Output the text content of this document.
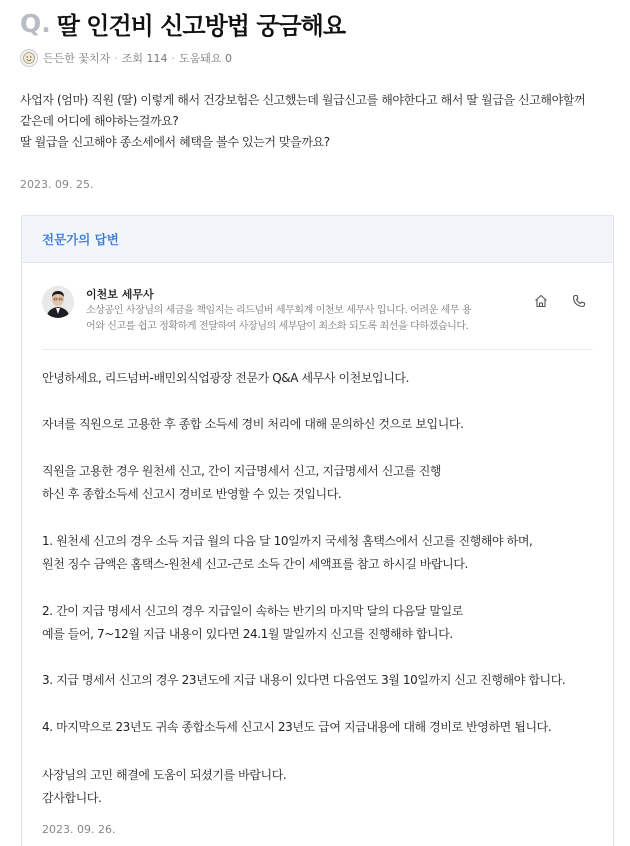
Q. 딸 인건비 신고방법 궁금해요
든든한 꽃치자 · 조회 114 · 도움돼요 0

사업자 (엄마) 직원 (딸) 이렇게 해서 건강보험은 신고했는데 월급신고를 해야한다고 해서 딸 월급을 신고해야할꺼

같은데 어디에 해야하는걸까요?

딸 월급을 신고해야 종소세에서 혜택을 볼수 있는거 맞을까요?

2023. 09. 25.
전문가의 답변
이천보 세무사
소상공인 사장님의 세금을 책임지는 리드넘버 세무회계 이천보 세무사 입니다. 어려운 세무 용
어와 신고를 쉽고 정확하게 전달하여 사장님의 세부담이 최소화 되도록 최선을 다하겠습니다.

안녕하세요, 리드넘버-배민외식업광장 전문가 Q&A 세무사 이천보입니다.

자녀를 직원으로 고용한 후 종합 소득세 경비 처리에 대해 문의하신 것으로 보입니다.

직원을 고용한 경우 원천세 신고, 간이 지급명세서 신고, 지급명세서 신고를 진행

하신 후 종합소득세 신고시 경비로 반영할 수 있는 것입니다.

1. 원천세 신고의 경우 소득 지급 월의 다음 달 10일까지 국세청 홈택스에서 신고를 진행해야 하며,

원천 징수 금액은 홈택스-원천세 신고-근로 소득 간이 세액표를 참고 하시길 바랍니다.

2. 간이 지급 명세서 신고의 경우 지급일이 속하는 반기의 마지막 달의 다음달 말일로

예를 들어, 7~12월 지급 내용이 있다면 24.1월 말일까지 신고를 진행해햐 합니다.

3. 지급 명세서 신고의 경우 23년도에 지급 내용이 있다면 다음연도 3월 10일까지 신고 진행해야 합니다.

4. 마지막으로 23년도 귀속 종합소득세 신고시 23년도 급여 지급내용에 대해 경비로 반영하면 됩니다.

사장님의 고민 해결에 도움이 되셨기를 바랍니다.

감사합니다.

2023. 09. 26.
